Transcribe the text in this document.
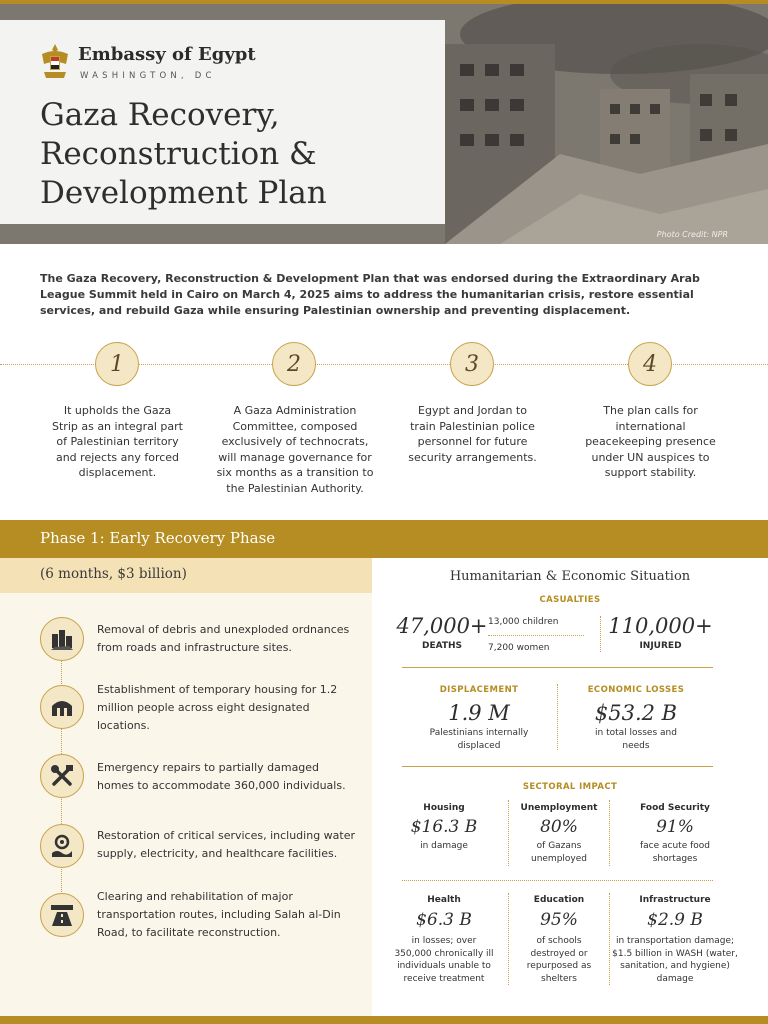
Photo Credit: NPR
Embassy of Egypt
WASHINGTON, DC
Gaza Recovery,
Reconstruction &
Development Plan
The Gaza Recovery, Reconstruction & Development Plan that was endorsed during the Extraordinary Arab League Summit held in Cairo on March 4, 2025 aims to address the humanitarian crisis, restore essential services, and rebuild Gaza while ensuring Palestinian ownership and preventing displacement.
1	2	3	4
It upholds the Gaza Strip as an integral part of Palestinian territory and rejects any forced displacement.
A Gaza Administration Committee, composed exclusively of technocrats, will manage governance for six months as a transition to the Palestinian Authority.
Egypt and Jordan to train Palestinian police personnel for future security arrangements.
The plan calls for international peacekeeping presence under UN auspices to support stability.
Phase 1: Early Recovery Phase
(6 months, $3 billion)
Removal of debris and unexploded ordnances from roads and infrastructure sites.
Establishment of temporary housing for 1.2 million people across eight designated locations.
Emergency repairs to partially damaged homes to accommodate 360,000 individuals.
Restoration of critical services, including water supply, electricity, and healthcare facilities.
Clearing and rehabilitation of major transportation routes, including Salah al-Din Road, to facilitate reconstruction.
Humanitarian & Economic Situation
CASUALTIES
47,000+
DEATHS
13,000 children
7,200 women
110,000+
INJURED
DISPLACEMENT
1.9 M
Palestinians internally displaced
ECONOMIC LOSSES
$53.2 B
in total losses and needs
SECTORAL IMPACT
Housing
$16.3 B
in damage
Unemployment
80%
of Gazans unemployed
Food Security
91%
face acute food shortages
Health
$6.3 B
in losses; over 350,000 chronically ill individuals unable to receive treatment
Education
95%
of schools destroyed or repurposed as shelters
Infrastructure
$2.9 B
in transportation damage; $1.5 billion in WASH (water, sanitation, and hygiene) damage
